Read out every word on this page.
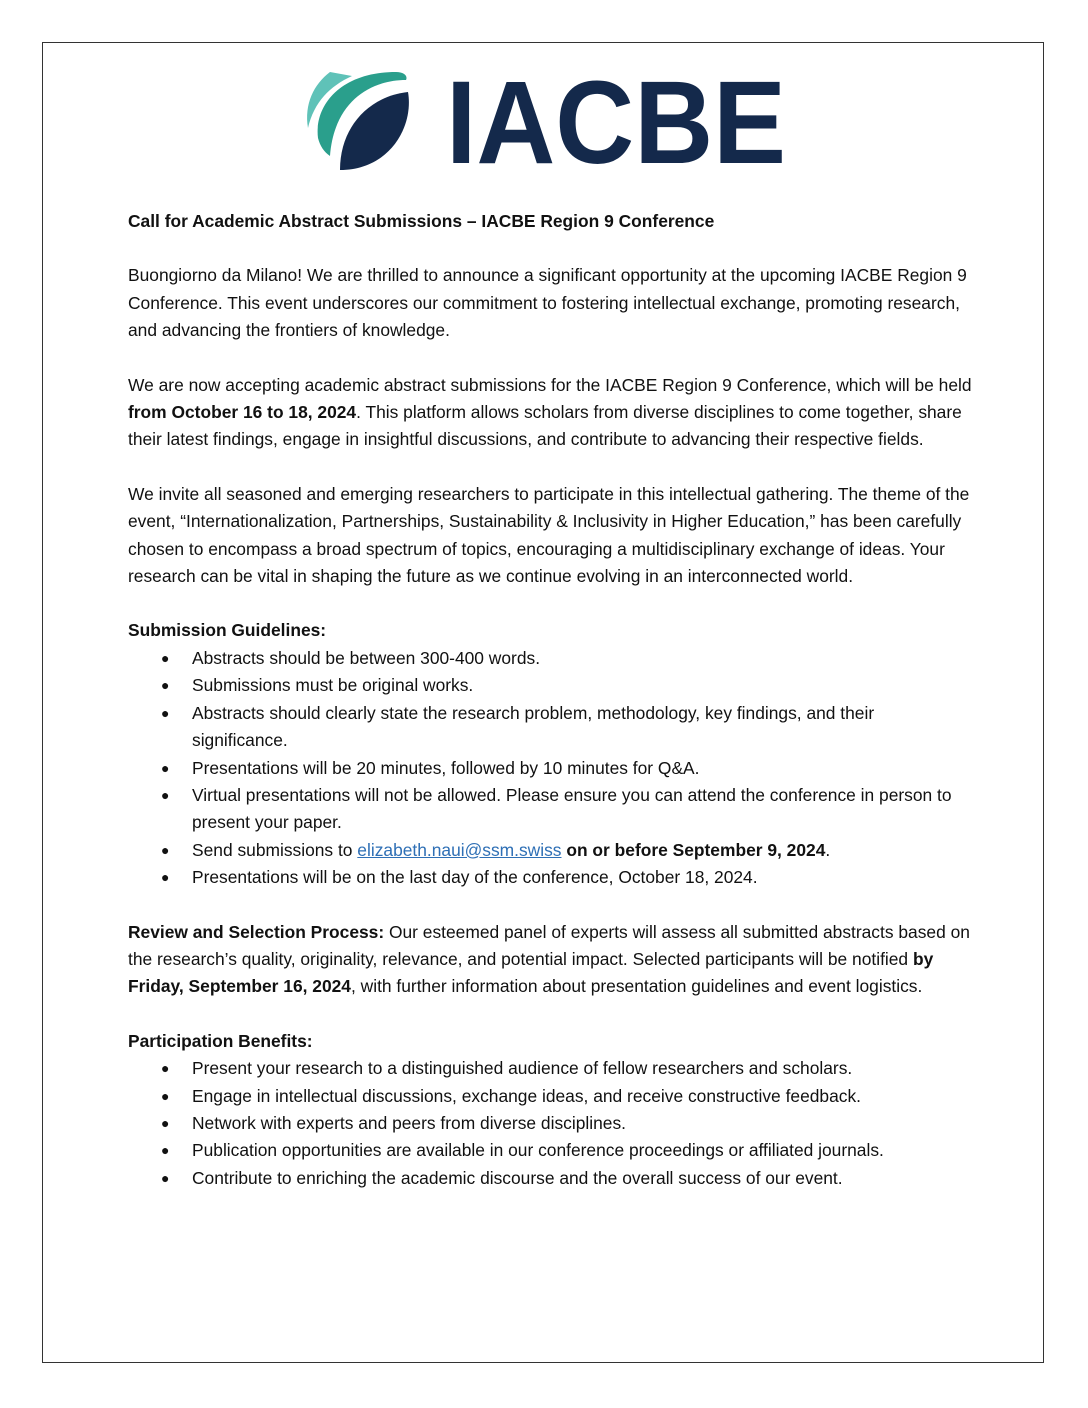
IACBE

Call for Academic Abstract Submissions – IACBE Region 9 Conference

Buongiorno da Milano! We are thrilled to announce a significant opportunity at the upcoming IACBE Region 9 Conference. This event underscores our commitment to fostering intellectual exchange, promoting research, and advancing the frontiers of knowledge.

We are now accepting academic abstract submissions for the IACBE Region 9 Conference, which will be held from October 16 to 18, 2024. This platform allows scholars from diverse disciplines to come together, share their latest findings, engage in insightful discussions, and contribute to advancing their respective fields.

We invite all seasoned and emerging researchers to participate in this intellectual gathering. The theme of the event, “Internationalization, Partnerships, Sustainability & Inclusivity in Higher Education,” has been carefully chosen to encompass a broad spectrum of topics, encouraging a multidisciplinary exchange of ideas. Your research can be vital in shaping the future as we continue evolving in an interconnected world.

Submission Guidelines:

● Abstracts should be between 300-400 words.
● Submissions must be original works.
● Abstracts should clearly state the research problem, methodology, key findings, and their significance.
● Presentations will be 20 minutes, followed by 10 minutes for Q&A.
● Virtual presentations will not be allowed. Please ensure you can attend the conference in person to present your paper.
● Send submissions to elizabeth.naui@ssm.swiss on or before September 9, 2024.
● Presentations will be on the last day of the conference, October 18, 2024.

Review and Selection Process: Our esteemed panel of experts will assess all submitted abstracts based on the research’s quality, originality, relevance, and potential impact. Selected participants will be notified by Friday, September 16, 2024, with further information about presentation guidelines and event logistics.

Participation Benefits:

● Present your research to a distinguished audience of fellow researchers and scholars.
● Engage in intellectual discussions, exchange ideas, and receive constructive feedback.
● Network with experts and peers from diverse disciplines.
● Publication opportunities are available in our conference proceedings or affiliated journals.
● Contribute to enriching the academic discourse and the overall success of our event.
